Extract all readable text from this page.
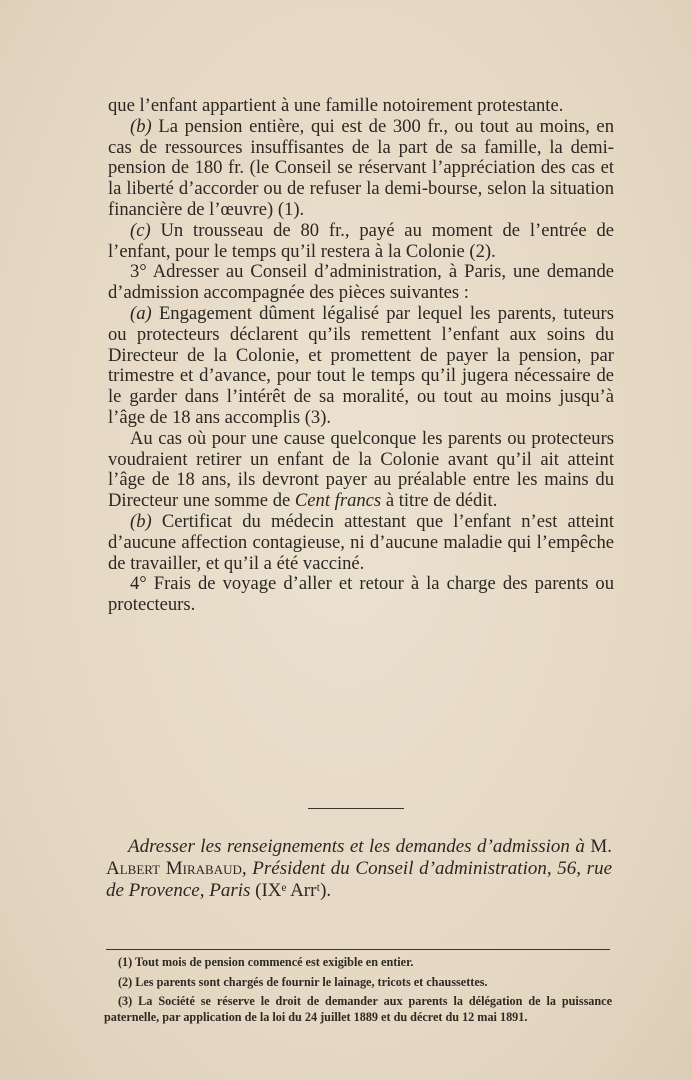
que l’enfant appartient à une famille notoirement protestante.

(b) La pension entière, qui est de 300 fr., ou tout au moins, en cas de ressources insuffisantes de la part de sa famille, la demi-pension de 180 fr. (le Conseil se réservant l’appréciation des cas et la liberté d’accorder ou de refuser la demi-bourse, selon la situation financière de l’œuvre) (1).

(c) Un trousseau de 80 fr., payé au moment de l’entrée de l’enfant, pour le temps qu’il restera à la Colonie (2).

3° Adresser au Conseil d’administration, à Paris, une demande d’admission accompagnée des pièces suivantes :

(a) Engagement dûment légalisé par lequel les parents, tuteurs ou protecteurs déclarent qu’ils remettent l’enfant aux soins du Directeur de la Colonie, et promettent de payer la pension, par trimestre et d’avance, pour tout le temps qu’il jugera nécessaire de le garder dans l’intérêt de sa moralité, ou tout au moins jusqu’à l’âge de 18 ans accomplis (3).

Au cas où pour une cause quelconque les parents ou protecteurs voudraient retirer un enfant de la Colonie avant qu’il ait atteint l’âge de 18 ans, ils devront payer au préalable entre les mains du Directeur une somme de Cent francs à titre de dédit.

(b) Certificat du médecin attestant que l’enfant n’est atteint d’aucune affection contagieuse, ni d’aucune maladie qui l’empêche de travailler, et qu’il a été vacciné.

4° Frais de voyage d’aller et retour à la charge des parents ou protecteurs.

Adresser les renseignements et les demandes d’admission à M. Albert Mirabaud, Président du Conseil d’administration, 56, rue de Provence, Paris (IXᵉ Arrᵗ).

(1) Tout mois de pension commencé est exigible en entier.

(2) Les parents sont chargés de fournir le lainage, tricots et chaussettes.

(3) La Société se réserve le droit de demander aux parents la délégation de la puissance paternelle, par application de la loi du 24 juillet 1889 et du décret du 12 mai 1891.
